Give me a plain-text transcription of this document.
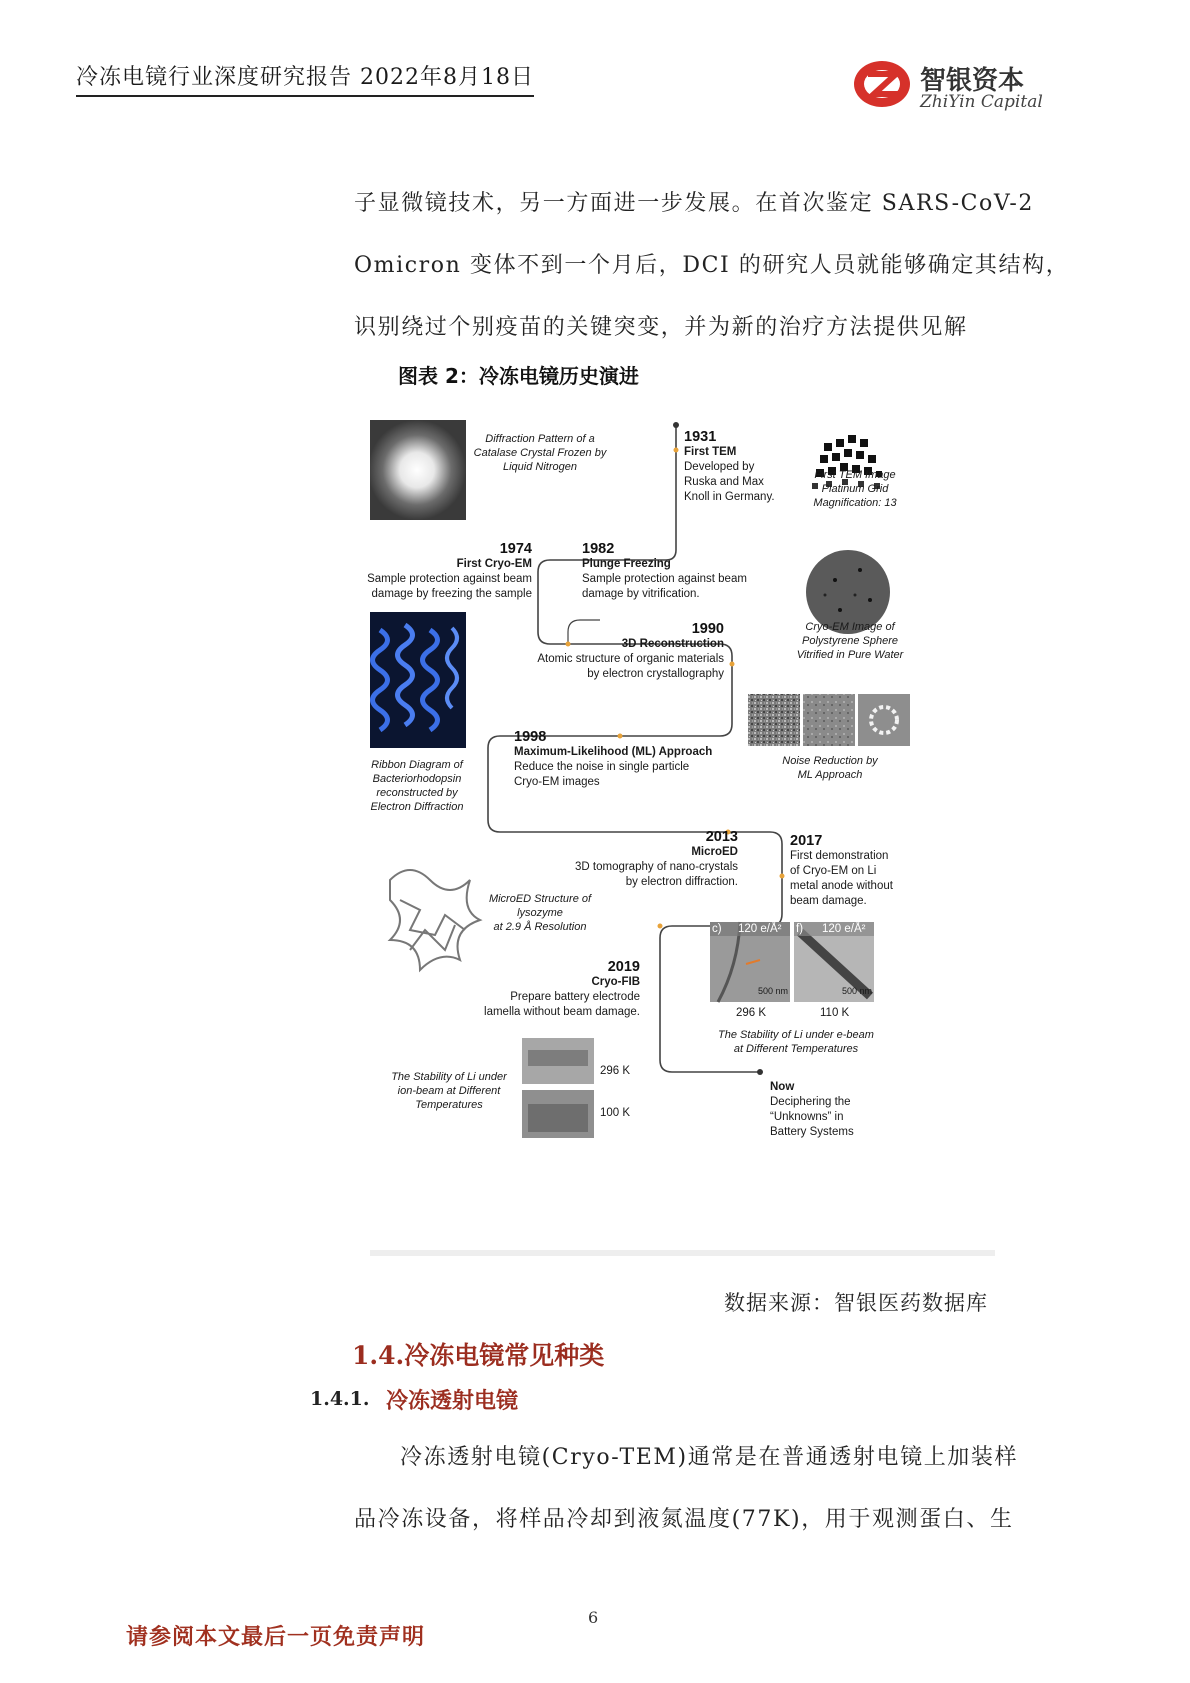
冷冻电镜行业深度研究报告 2022年8月18日	智银资本
ZhiYin Capital
子显微镜技术，另一方面进一步发展。在首次鉴定 SARS-CoV-2
Omicron 变体不到一个月后，DCI 的研究人员就能够确定其结构，
识别绕过个别疫苗的关键突变，并为新的治疗方法提供见解
图表 2：冷冻电镜历史演进
Diffraction Pattern of a
Catalase Crystal Frozen by
Liquid Nitrogen
1931
First TEM
Developed by
Ruska and Max
Knoll in Germany.
First TEM Image
Platinum Grid
Magnification: 13
1974
First Cryo-EM
Sample protection against beam
damage by freezing the sample
1982
Plunge Freezing
Sample protection against beam
damage by vitrification.
Cryo-EM Image of
Polystyrene Sphere
Vitrified in Pure Water
1990
3D Reconstruction
Atomic structure of organic materials
by electron crystallography
1998
Maximum-Likelihood (ML) Approach
Reduce the noise in single particle
Cryo-EM images
Ribbon Diagram of
Bacteriorhodopsin
reconstructed by
Electron Diffraction
Noise Reduction by
ML Approach
2013
MicroED
3D tomography of nano-crystals
by electron diffraction.
2017
First demonstration
of Cryo-EM on Li
metal anode without
beam damage.
MicroED Structure of
lysozyme
at 2.9 Å Resolution	c) 120 e/Å² f) 120 e/Å²
500 nm	500 nm
296 K	110 K
The Stability of Li under e-beam
at Different Temperatures
2019
Cryo-FIB
Prepare battery electrode
lamella without beam damage.
The Stability of Li under
ion-beam at Different
Temperatures
296 K
100 K
Now
Deciphering the
“Unknowns” in
Battery Systems
数据来源：智银医药数据库
1.4.冷冻电镜常见种类
1.4.1. 冷冻透射电镜
冷冻透射电镜(Cryo-TEM)通常是在普通透射电镜上加装样
品冷冻设备，将样品冷却到液氮温度(77K)，用于观测蛋白、生
6
请参阅本文最后一页免责声明
